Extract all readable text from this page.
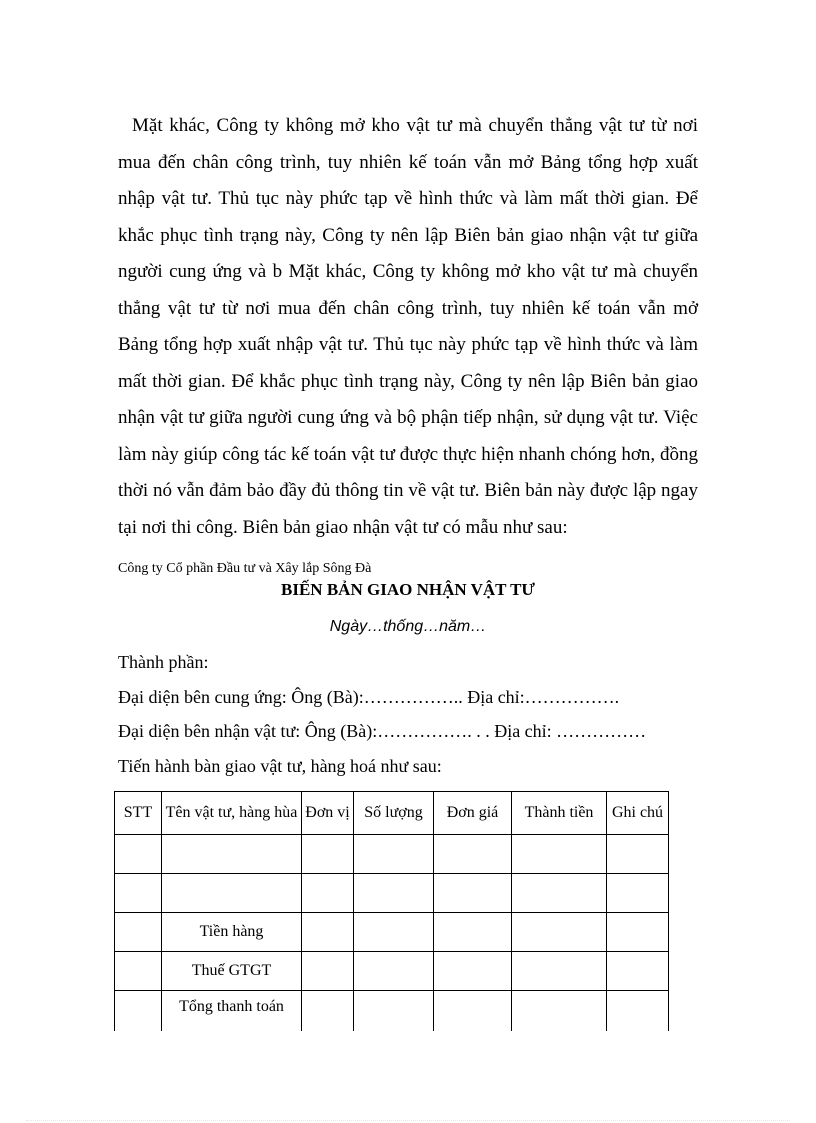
Mặt khác, Công ty không mở kho vật tư mà chuyển thẳng vật tư từ nơi mua đến chân công trình, tuy nhiên kế toán vẫn mở Bảng tổng hợp xuất nhập vật tư. Thủ tục này phức tạp về hình thức và làm mất thời gian. Để khắc phục tình trạng này, Công ty nên lập Biên bản giao nhận vật tư giữa người cung ứng và b Mặt khác, Công ty không mở kho vật tư mà chuyển thẳng vật tư từ nơi mua đến chân công trình, tuy nhiên kế toán vẫn mở Bảng tổng hợp xuất nhập vật tư. Thủ tục này phức tạp về hình thức và làm mất thời gian. Để khắc phục tình trạng này, Công ty nên lập Biên bản giao nhận vật tư giữa người cung ứng và bộ phận tiếp nhận, sử dụng vật tư. Việc làm này giúp công tác kế toán vật tư được thực hiện nhanh chóng hơn, đồng thời nó vẫn đảm bảo đầy đủ thông tin về vật tư. Biên bản này được lập ngay tại nơi thi công. Biên bản giao nhận vật tư có mẫu như sau:

Công ty Cổ phần Đầu tư và Xây lắp Sông Đà
BIẾN BẢN GIAO NHẬN VẬT TƯ
Ngày…thống…năm…
Thành phần:
Đại diện bên cung ứng: Ông (Bà):…………….. Địa chỉ:…………….
Đại diện bên nhận vật tư: Ông (Bà):……………. . . Địa chỉ: ……………
Tiến hành bàn giao vật tư, hàng hoá như sau:
STT	Tên vật tư, hàng hùa	Đơn vị	Số lượng	Đơn giá	Thành tiền	Ghi chú

	Tiền hàng					
	Thuế GTGT					
	Tổng thanh toán					
